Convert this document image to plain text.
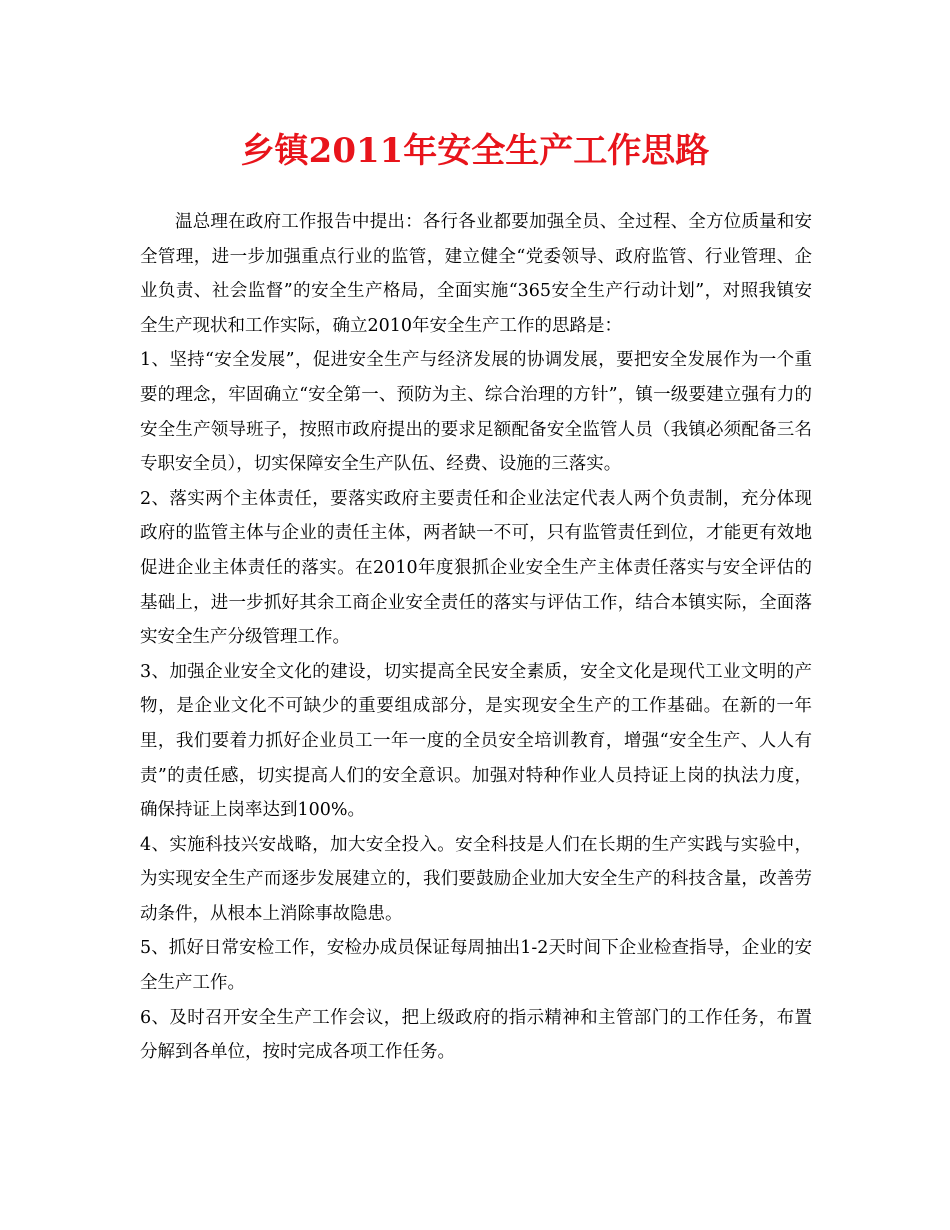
乡镇2011年安全生产工作思路

温总理在政府工作报告中提出：各行各业都要加强全员、全过程、全方位质量和安全管理，进一步加强重点行业的监管，建立健全“党委领导、政府监管、行业管理、企业负责、社会监督”的安全生产格局，全面实施“365安全生产行动计划”，对照我镇安全生产现状和工作实际，确立2010年安全生产工作的思路是：

1、坚持“安全发展”，促进安全生产与经济发展的协调发展，要把安全发展作为一个重要的理念，牢固确立“安全第一、预防为主、综合治理的方针”，镇一级要建立强有力的安全生产领导班子，按照市政府提出的要求足额配备安全监管人员（我镇必须配备三名专职安全员），切实保障安全生产队伍、经费、设施的三落实。

2、落实两个主体责任，要落实政府主要责任和企业法定代表人两个负责制，充分体现政府的监管主体与企业的责任主体，两者缺一不可，只有监管责任到位，才能更有效地促进企业主体责任的落实。在2010年度狠抓企业安全生产主体责任落实与安全评估的基础上，进一步抓好其余工商企业安全责任的落实与评估工作，结合本镇实际，全面落实安全生产分级管理工作。

3、加强企业安全文化的建设，切实提高全民安全素质，安全文化是现代工业文明的产物，是企业文化不可缺少的重要组成部分，是实现安全生产的工作基础。在新的一年里，我们要着力抓好企业员工一年一度的全员安全培训教育，增强“安全生产、人人有责”的责任感，切实提高人们的安全意识。加强对特种作业人员持证上岗的执法力度，确保持证上岗率达到100%。

4、实施科技兴安战略，加大安全投入。安全科技是人们在长期的生产实践与实验中，为实现安全生产而逐步发展建立的，我们要鼓励企业加大安全生产的科技含量，改善劳动条件，从根本上消除事故隐患。

5、抓好日常安检工作，安检办成员保证每周抽出1-2天时间下企业检查指导，企业的安全生产工作。

6、及时召开安全生产工作会议，把上级政府的指示精神和主管部门的工作任务，布置分解到各单位，按时完成各项工作任务。
